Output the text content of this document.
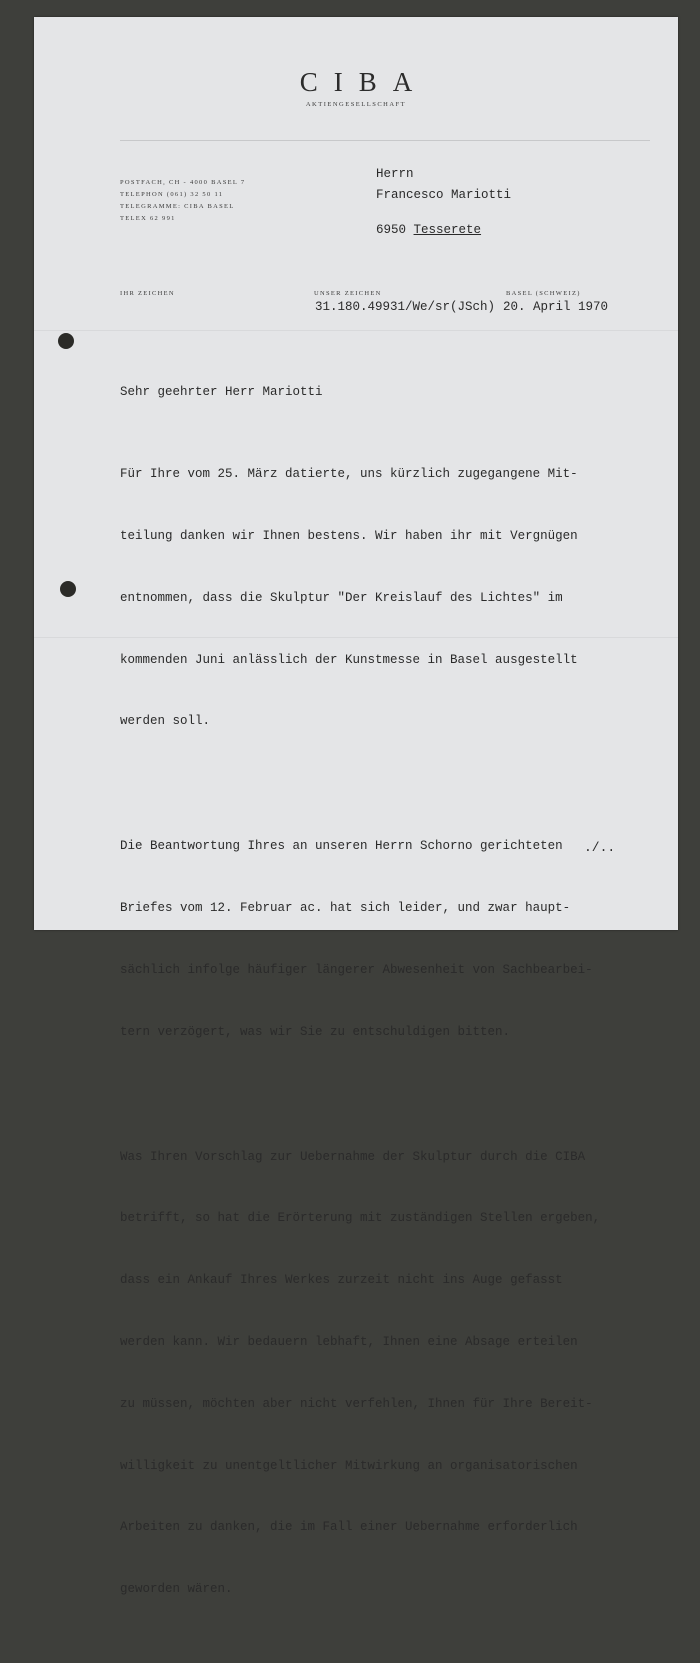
CIBA
AKTIENGESELLSCHAFT
POSTFACH, CH - 4000 BASEL 7
TELEPHON (061) 32 50 11
TELEGRAMME: CIBA BASEL
TELEX 62 991
Herrn
Francesco Mariotti
6950 Tesserete
IHR ZEICHEN	UNSER ZEICHEN	BASEL (SCHWEIZ)
31.180.49931/We/sr(JSch) 20. April 1970
Sehr geehrter Herr Mariotti

Für Ihre vom 25. März datierte, uns kürzlich zugegangene Mit-

teilung danken wir Ihnen bestens. Wir haben ihr mit Vergnügen

entnommen, dass die Skulptur "Der Kreislauf des Lichtes" im

kommenden Juni anlässlich der Kunstmesse in Basel ausgestellt

werden soll.

Die Beantwortung Ihres an unseren Herrn Schorno gerichteten

Briefes vom 12. Februar ac. hat sich leider, und zwar haupt-

sächlich infolge häufiger längerer Abwesenheit von Sachbearbei-

tern verzögert, was wir Sie zu entschuldigen bitten.

Was Ihren Vorschlag zur Uebernahme der Skulptur durch die CIBA

betrifft, so hat die Erörterung mit zuständigen Stellen ergeben,

dass ein Ankauf Ihres Werkes zurzeit nicht ins Auge gefasst

werden kann. Wir bedauern lebhaft, Ihnen eine Absage erteilen

zu müssen, möchten aber nicht verfehlen, Ihnen für Ihre Bereit-

willigkeit zu unentgeltlicher Mitwirkung an organisatorischen

Arbeiten zu danken, die im Fall einer Uebernahme erforderlich

geworden wären.

./..
